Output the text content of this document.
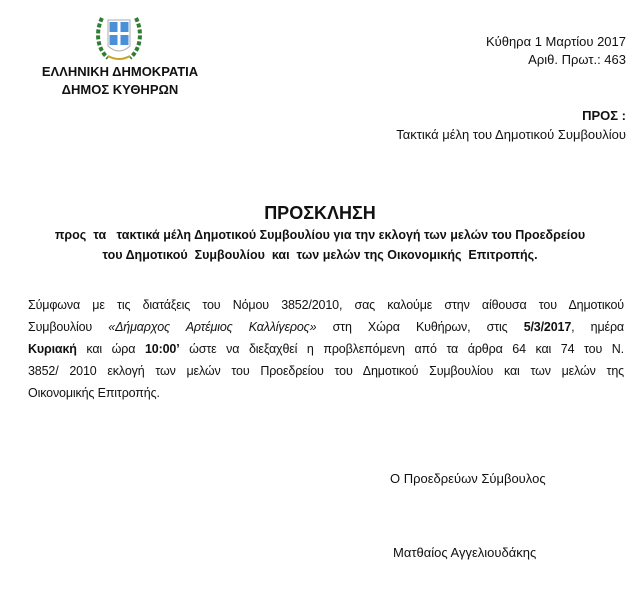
ΕΛΛΗΝΙΚΗ ΔΗΜΟΚΡΑΤΙΑ
ΔΗΜΟΣ ΚΥΘΗΡΩΝ
Κύθηρα 1 Μαρτίου 2017
Αριθ. Πρωτ.: 463
ΠΡΟΣ :
Τακτικά μέλη του Δημοτικού Συμβουλίου
ΠΡΟΣΚΛΗΣΗ
προς  τα   τακτικά μέλη Δημοτικού Συμβουλίου για την εκλογή των μελών του Προεδρείου
του Δημοτικού  Συμβουλίου  και  των μελών της Οικονομικής  Επιτροπής.
Σύμφωνα με τις διατάξεις του Νόμου 3852/2010, σας καλούμε στην αίθουσα του Δημοτικού
Συμβουλίου «Δήμαρχος Αρτέμιος Καλλίγερος» στη Χώρα Κυθήρων, στις 5/3/2017, ημέρα
Κυριακή και ώρα 10:00’ ώστε να διεξαχθεί η προβλεπόμενη από τα άρθρα 64 και 74 του Ν.
3852/ 2010 εκλογή των μελών του Προεδρείου του Δημοτικού Συμβουλίου και των μελών της
Οικονομικής Επιτροπής.
Ο Προεδρεύων Σύμβουλος
Ματθαίος Αγγελιουδάκης
